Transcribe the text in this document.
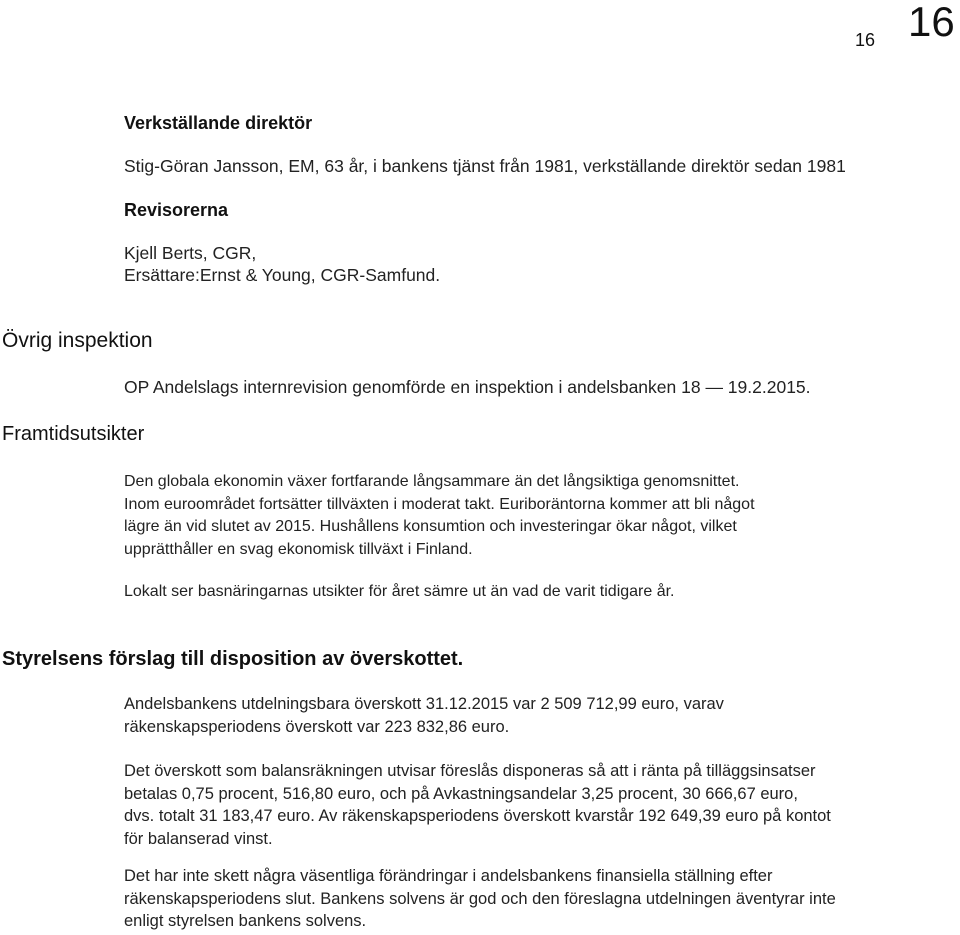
16 16
Verkställande direktör
Stig-Göran Jansson, EM, 63 år, i bankens tjänst från 1981, verkställande direktör sedan 1981
Revisorerna
Kjell Berts, CGR,
Ersättare:Ernst & Young, CGR-Samfund.
Övrig inspektion
OP Andelslags internrevision genomförde en inspektion i andelsbanken 18 — 19.2.2015.
Framtidsutsikter
Den globala ekonomin växer fortfarande långsammare än det långsiktiga genomsnittet.
Inom euroområdet fortsätter tillväxten i moderat takt. Euriboräntorna kommer att bli något
lägre än vid slutet av 2015. Hushållens konsumtion och investeringar ökar något, vilket
upprätthåller en svag ekonomisk tillväxt i Finland.
Lokalt ser basnäringarnas utsikter för året sämre ut än vad de varit tidigare år.
Styrelsens förslag till disposition av överskottet.
Andelsbankens utdelningsbara överskott 31.12.2015 var 2 509 712,99 euro, varav
räkenskapsperiodens överskott var 223 832,86 euro.
Det överskott som balansräkningen utvisar föreslås disponeras så att i ränta på tilläggsinsatser
betalas 0,75 procent, 516,80 euro, och på Avkastningsandelar 3,25 procent, 30 666,67 euro,
dvs. totalt 31 183,47 euro. Av räkenskapsperiodens överskott kvarstår 192 649,39 euro på kontot
för balanserad vinst.
Det har inte skett några väsentliga förändringar i andelsbankens finansiella ställning efter
räkenskapsperiodens slut. Bankens solvens är god och den föreslagna utdelningen äventyrar inte
enligt styrelsen bankens solvens.
